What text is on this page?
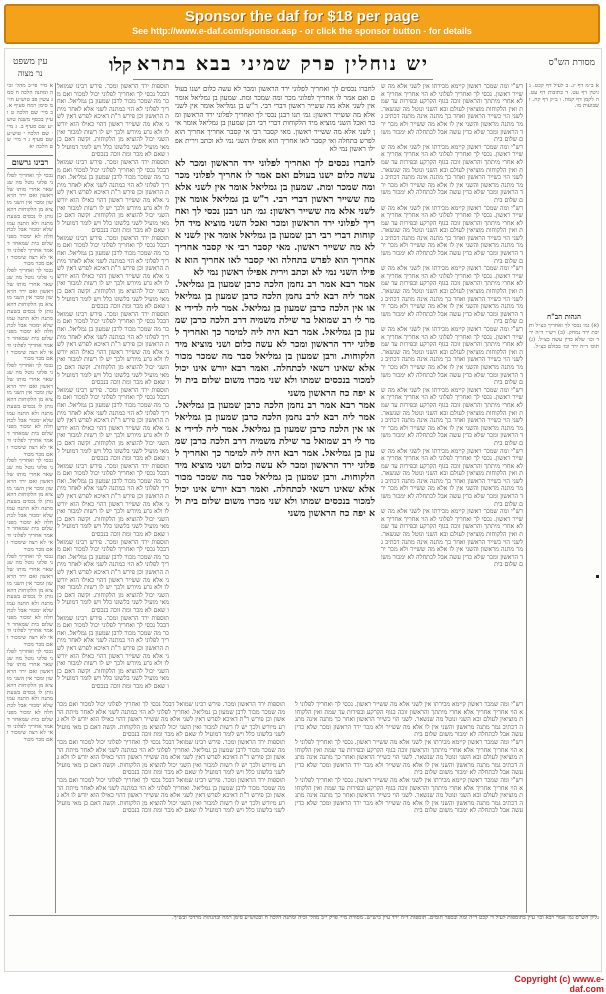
Sponsor the daf for $18 per page
See http://www.e-daf.com/sponsor.asp - or click the sponsor button - for details
יש נוחלין פרק שמיני בבא בתרא
קלו	מסורת הש"ס
עין משפט
נר מצוה
א ב״מ דף יג. ב לעיל דף קכט. ג גיטין דף עט. ד כתובות דף עט. ה לקמן דף קמח. ו ב״ק דף קח. ז שבועות מו.
הגהות הב"ח
(א) גמ׳ נכסי לך ואחריך כצ״ל ותיבת ירד נמחק. (ב) רש״י ד״ה ירד וכו׳ שלא כדין עשה כצ״ל. (ג) תוס׳ ד״ה ירד וכו׳ בכולם כצ״ל.
רש"י ומה שמכר ראשון קיימא מכירתו אין לשני אלא מה ששייר ראשון. נכסי לך ואחריך לפלוני לא הוי אחריך אחריך אלא אחרי מיתתך והראשון זוכה בגוף הקרקע ובפירות עד שמת ואין הלקוחות מוציאין לעולם ובא השני ונוטל מה שנשאר. לשני הוי כשייר הראשון ואחר כך מתנה אינה מתנה דכתיב גמר מתנה מראשון והשני אין לו אלא מה ששייר ולא מכר ירד הראשון ומכר שלא כדין עשה אבל לכתחלה לא ימכור משום שלום בית
רש"י ומה שמכר ראשון קיימא מכירתו אין לשני אלא מה ששייר ראשון. נכסי לך ואחריך לפלוני לא הוי אחריך אחריך אלא אחרי מיתתך והראשון זוכה בגוף הקרקע ובפירות עד שמת ואין הלקוחות מוציאין לעולם ובא השני ונוטל מה שנשאר. לשני הוי כשייר הראשון ואחר כך מתנה אינה מתנה דכתיב גמר מתנה מראשון והשני אין לו אלא מה ששייר ולא מכר ירד הראשון ומכר שלא כדין עשה אבל לכתחלה לא ימכור משום שלום בית
רש"י ומה שמכר ראשון קיימא מכירתו אין לשני אלא מה ששייר ראשון. נכסי לך ואחריך לפלוני לא הוי אחריך אחריך אלא אחרי מיתתך והראשון זוכה בגוף הקרקע ובפירות עד שמת ואין הלקוחות מוציאין לעולם ובא השני ונוטל מה שנשאר. לשני הוי כשייר הראשון ואחר כך מתנה אינה מתנה דכתיב גמר מתנה מראשון והשני אין לו אלא מה ששייר ולא מכר ירד הראשון ומכר שלא כדין עשה אבל לכתחלה לא ימכור משום שלום בית
רש"י ומה שמכר ראשון קיימא מכירתו אין לשני אלא מה ששייר ראשון. נכסי לך ואחריך לפלוני לא הוי אחריך אחריך אלא אחרי מיתתך והראשון זוכה בגוף הקרקע ובפירות עד שמת ואין הלקוחות מוציאין לעולם ובא השני ונוטל מה שנשאר. לשני הוי כשייר הראשון ואחר כך מתנה אינה מתנה דכתיב גמר מתנה מראשון והשני אין לו אלא מה ששייר ולא מכר ירד הראשון ומכר שלא כדין עשה אבל לכתחלה לא ימכור משום שלום בית
רש"י ומה שמכר ראשון קיימא מכירתו אין לשני אלא מה ששייר ראשון. נכסי לך ואחריך לפלוני לא הוי אחריך אחריך אלא אחרי מיתתך והראשון זוכה בגוף הקרקע ובפירות עד שמת ואין הלקוחות מוציאין לעולם ובא השני ונוטל מה שנשאר. לשני הוי כשייר הראשון ואחר כך מתנה אינה מתנה דכתיב גמר מתנה מראשון והשני אין לו אלא מה ששייר ולא מכר ירד הראשון ומכר שלא כדין עשה אבל לכתחלה לא ימכור משום שלום בית
רש"י ומה שמכר ראשון קיימא מכירתו אין לשני אלא מה ששייר ראשון. נכסי לך ואחריך לפלוני לא הוי אחריך אחריך אלא אחרי מיתתך והראשון זוכה בגוף הקרקע ובפירות עד שמת ואין הלקוחות מוציאין לעולם ובא השני ונוטל מה שנשאר. לשני הוי כשייר הראשון ואחר כך מתנה אינה מתנה דכתיב גמר מתנה מראשון והשני אין לו אלא מה ששייר ולא מכר ירד הראשון ומכר שלא כדין עשה אבל לכתחלה לא ימכור משום שלום בית
רש"י ומה שמכר ראשון קיימא מכירתו אין לשני אלא מה ששייר ראשון. נכסי לך ואחריך לפלוני לא הוי אחריך אחריך אלא אחרי מיתתך והראשון זוכה בגוף הקרקע ובפירות עד שמת ואין הלקוחות מוציאין לעולם ובא השני ונוטל מה שנשאר. לשני הוי כשייר הראשון ואחר כך מתנה אינה מתנה דכתיב גמר מתנה מראשון והשני אין לו אלא מה ששייר ולא מכר ירד הראשון ומכר שלא כדין עשה אבל לכתחלה לא ימכור משום שלום בית
רש"י ומה שמכר ראשון קיימא מכירתו אין לשני אלא מה ששייר ראשון. נכסי לך ואחריך לפלוני לא הוי אחריך אחריך אלא אחרי מיתתך והראשון זוכה בגוף הקרקע ובפירות עד שמת ואין הלקוחות מוציאין לעולם ובא השני ונוטל מה שנשאר. לשני הוי כשייר הראשון ואחר כך מתנה אינה מתנה דכתיב גמר מתנה מראשון והשני אין לו אלא מה ששייר ולא מכר ירד הראשון ומכר שלא כדין עשה אבל לכתחלה לא ימכור משום שלום בית
לחברו נכסים לך ואחריך לפלוני ירד הראשון ומכר לא עשה כלום ישנו בעולם ואם אמר לו אחריך לפלוני מכר ומה שמכר ומת. שמעון בן גמליאל אומר אין לשני אלא מה ששייר ראשון דברי רבי. ר"ש בן גמליאל אומר אין לשני אלא מה ששייר ראשון: גמ׳ תנו רבנן נכסי לך ואחריך לפלוני ירד הראשון ומכר ואכל השני מוציא מיד הלקוחות דברי רבי רבן שמעון בן גמליאל אומר אין לשני אלא מה ששייר ראשון. מאי קסבר רבי אי קסבר אחריך אחריך הוא לפרש בתחלה ואי קסבר לאו אחריך הוא אפילו השני נמי לא וכתב וירית אפילו ראשון נמי לא
לחברו נכסים לך ואחריך לפלוני ירד הראשון ומכר לא עשה כלום ישנו בעולם ואם אמר לו אחריך לפלוני מכר ומה שמכר ומת. שמעון בן גמליאל אומר אין לשני אלא מה ששייר ראשון דברי רבי. ר"ש בן גמליאל אומר אין לשני אלא מה ששייר ראשון: גמ׳ תנו רבנן נכסי לך ואחריך לפלוני ירד הראשון ומכר ואכל השני מוציא מיד הלקוחות דברי רבי רבן שמעון בן גמליאל אומר אין לשני אלא מה ששייר ראשון. מאי קסבר רבי אי קסבר אחריך אחריך הוא לפרש בתחלה ואי קסבר לאו אחריך הוא אפילו השני נמי לא וכתב וירית אפילו ראשון נמי לא
אמר רבא אמר רב נחמן הלכה כרבן שמעון בן גמליאל. אמר ליה רבא לרב נחמן הלכה כרבן שמעון בן גמליאל או אין הלכה כרבן שמעון בן גמליאל. אמר ליה לדידי אמר לי רב שמואל בר שילת משמיה דרב הלכה כרבן שמעון בן גמליאל. אמר רבא היה ליה למימר כך ואחריך לפלוני ירד הראשון ומכר לא עשה כלום ושני מוציא מיד הלקוחות. ורבן שמעון בן גמליאל סבר מה שמכר מכור אלא שאינו רשאי לכתחלה. ואמר רבא יורש אינו יכול למכור בנכסים שמתו ולא שני מכרו משום שלום בית ולא יפה כח הראשון משני
אמר רבא אמר רב נחמן הלכה כרבן שמעון בן גמליאל. אמר ליה רבא לרב נחמן הלכה כרבן שמעון בן גמליאל או אין הלכה כרבן שמעון בן גמליאל. אמר ליה לדידי אמר לי רב שמואל בר שילת משמיה דרב הלכה כרבן שמעון בן גמליאל. אמר רבא היה ליה למימר כך ואחריך לפלוני ירד הראשון ומכר לא עשה כלום ושני מוציא מיד הלקוחות. ורבן שמעון בן גמליאל סבר מה שמכר מכור אלא שאינו רשאי לכתחלה. ואמר רבא יורש אינו יכול למכור בנכסים שמתו ולא שני מכרו משום שלום בית ולא יפה כח הראשון משני
תוספות ירד הראשון ומכר. פירש רבינו שמואל דבכל נכסי לך ואחריך לפלוני יכול למכור ואם מכר מה שמכר מכור לרבן שמעון בן גמליאל. ואחריך לפלוני לא הוי כמתנה לשני אלא לאחר מיתת הראשון וכן פירש ר"ת דאיכא לפרש דאין לשני אלא מה ששייר ראשון דהוי כאילו הוא יורש לו ולא גרע מיורש ולכך יש לו רשות למכור ואין השני יכול להוציא מן הלקוחות. וקשה דאם כן מאי מועיל לשני בלשונו כלל ויש לומר דמועיל לו שאם לא מכר ומת זוכה בנכסים
תוספות ירד הראשון ומכר. פירש רבינו שמואל דבכל נכסי לך ואחריך לפלוני יכול למכור ואם מכר מה שמכר מכור לרבן שמעון בן גמליאל. ואחריך לפלוני לא הוי כמתנה לשני אלא לאחר מיתת הראשון וכן פירש ר"ת דאיכא לפרש דאין לשני אלא מה ששייר ראשון דהוי כאילו הוא יורש לו ולא גרע מיורש ולכך יש לו רשות למכור ואין השני יכול להוציא מן הלקוחות. וקשה דאם כן מאי מועיל לשני בלשונו כלל ויש לומר דמועיל לו שאם לא מכר ומת זוכה בנכסים
תוספות ירד הראשון ומכר. פירש רבינו שמואל דבכל נכסי לך ואחריך לפלוני יכול למכור ואם מכר מה שמכר מכור לרבן שמעון בן גמליאל. ואחריך לפלוני לא הוי כמתנה לשני אלא לאחר מיתת הראשון וכן פירש ר"ת דאיכא לפרש דאין לשני אלא מה ששייר ראשון דהוי כאילו הוא יורש לו ולא גרע מיורש ולכך יש לו רשות למכור ואין השני יכול להוציא מן הלקוחות. וקשה דאם כן מאי מועיל לשני בלשונו כלל ויש לומר דמועיל לו שאם לא מכר ומת זוכה בנכסים
תוספות ירד הראשון ומכר. פירש רבינו שמואל דבכל נכסי לך ואחריך לפלוני יכול למכור ואם מכר מה שמכר מכור לרבן שמעון בן גמליאל. ואחריך לפלוני לא הוי כמתנה לשני אלא לאחר מיתת הראשון וכן פירש ר"ת דאיכא לפרש דאין לשני אלא מה ששייר ראשון דהוי כאילו הוא יורש לו ולא גרע מיורש ולכך יש לו רשות למכור ואין השני יכול להוציא מן הלקוחות. וקשה דאם כן מאי מועיל לשני בלשונו כלל ויש לומר דמועיל לו שאם לא מכר ומת זוכה בנכסים
תוספות ירד הראשון ומכר. פירש רבינו שמואל דבכל נכסי לך ואחריך לפלוני יכול למכור ואם מכר מה שמכר מכור לרבן שמעון בן גמליאל. ואחריך לפלוני לא הוי כמתנה לשני אלא לאחר מיתת הראשון וכן פירש ר"ת דאיכא לפרש דאין לשני אלא מה ששייר ראשון דהוי כאילו הוא יורש לו ולא גרע מיורש ולכך יש לו רשות למכור ואין השני יכול להוציא מן הלקוחות. וקשה דאם כן מאי מועיל לשני בלשונו כלל ויש לומר דמועיל לו שאם לא מכר ומת זוכה בנכסים
תוספות ירד הראשון ומכר. פירש רבינו שמואל דבכל נכסי לך ואחריך לפלוני יכול למכור ואם מכר מה שמכר מכור לרבן שמעון בן גמליאל. ואחריך לפלוני לא הוי כמתנה לשני אלא לאחר מיתת הראשון וכן פירש ר"ת דאיכא לפרש דאין לשני אלא מה ששייר ראשון דהוי כאילו הוא יורש לו ולא גרע מיורש ולכך יש לו רשות למכור ואין השני יכול להוציא מן הלקוחות. וקשה דאם כן מאי מועיל לשני בלשונו כלל ויש לומר דמועיל לו שאם לא מכר ומת זוכה בנכסים
תוספות ירד הראשון ומכר. פירש רבינו שמואל דבכל נכסי לך ואחריך לפלוני יכול למכור ואם מכר מה שמכר מכור לרבן שמעון בן גמליאל. ואחריך לפלוני לא הוי כמתנה לשני אלא לאחר מיתת הראשון וכן פירש ר"ת דאיכא לפרש דאין לשני אלא מה ששייר ראשון דהוי כאילו הוא יורש לו ולא גרע מיורש ולכך יש לו רשות למכור ואין השני יכול להוציא מן הלקוחות. וקשה דאם כן מאי מועיל לשני בלשונו כלל ויש לומר דמועיל לו שאם לא מכר ומת זוכה בנכסים
תוספות ירד הראשון ומכר. פירש רבינו שמואל דבכל נכסי לך ואחריך לפלוני יכול למכור ואם מכר מה שמכר מכור לרבן שמעון בן גמליאל. ואחריך לפלוני לא הוי כמתנה לשני אלא לאחר מיתת הראשון וכן פירש ר"ת דאיכא לפרש דאין לשני אלא מה ששייר ראשון דהוי כאילו הוא יורש לו ולא גרע מיורש ולכך יש לו רשות למכור ואין השני יכול להוציא מן הלקוחות. וקשה דאם כן מאי מועיל לשני בלשונו כלל ויש לומר דמועיל לו שאם לא מכר ומת זוכה בנכסים
א מיי׳ פי״ב מהל׳ זכיה ומתנה הלכה ח סמג עשין פב טוש״ע חו״מ סימן רמח סעיף א. ב מיי׳ שם הלכה ט ועיין בכסף משנה טוש״ע שם סעיף ב. ג מיי׳ שם הלכה י טוש״ע שם סעיף ג ד מיי׳ שם הלכה יא
רבינו גרשום
נכסי לך ואחריך לפלוני פלוני נוטל מה שנשאר אחרי מותו של ראשון ואם ירד הראשון ומכר אין השני מוציא מן הלקוחות דהא נותן לו נכסים בשעת מתנה ולא התנה עמו שלא ימכור אבל לכתחלה לא ימכור מפני שלום בית שמאחר דאמר אחריך לפלוני ודאי לא רצה שימכור ואם מכר מכור
נכסי לך ואחריך לפלוני פלוני נוטל מה שנשאר אחרי מותו של ראשון ואם ירד הראשון ומכר אין השני מוציא מן הלקוחות דהא נותן לו נכסים בשעת מתנה ולא התנה עמו שלא ימכור אבל לכתחלה לא ימכור מפני שלום בית שמאחר דאמר אחריך לפלוני ודאי לא רצה שימכור ואם מכר מכור
נכסי לך ואחריך לפלוני פלוני נוטל מה שנשאר אחרי מותו של ראשון ואם ירד הראשון ומכר אין השני מוציא מן הלקוחות דהא נותן לו נכסים בשעת מתנה ולא התנה עמו שלא ימכור אבל לכתחלה לא ימכור מפני שלום בית שמאחר דאמר אחריך לפלוני ודאי לא רצה שימכור ואם מכר מכור
נכסי לך ואחריך לפלוני פלוני נוטל מה שנשאר אחרי מותו של ראשון ואם ירד הראשון ומכר אין השני מוציא מן הלקוחות דהא נותן לו נכסים בשעת מתנה ולא התנה עמו שלא ימכור אבל לכתחלה לא ימכור מפני שלום בית שמאחר דאמר אחריך לפלוני ודאי לא רצה שימכור ואם מכר מכור
נכסי לך ואחריך לפלוני פלוני נוטל מה שנשאר אחרי מותו של ראשון ואם ירד הראשון ומכר אין השני מוציא מן הלקוחות דהא נותן לו נכסים בשעת מתנה ולא התנה עמו שלא ימכור אבל לכתחלה לא ימכור מפני שלום בית שמאחר דאמר אחריך לפלוני ודאי לא רצה שימכור ואם מכר מכור
נכסי לך ואחריך לפלוני פלוני נוטל מה שנשאר אחרי מותו של ראשון ואם ירד הראשון ומכר אין השני מוציא מן הלקוחות דהא נותן לו נכסים בשעת מתנה ולא התנה עמו שלא ימכור אבל לכתחלה לא ימכור מפני שלום בית שמאחר דאמר אחריך לפלוני ודאי לא רצה שימכור ואם מכר מכור
רש"י ומה שמכר ראשון קיימא מכירתו אין לשני אלא מה ששייר ראשון. נכסי לך ואחריך לפלוני לא הוי אחריך אחריך אלא אחרי מיתתך והראשון זוכה בגוף הקרקע ובפירות עד שמת ואין הלקוחות מוציאין לעולם ובא השני ונוטל מה שנשאר. לשני הוי כשייר הראשון ואחר כך מתנה אינה מתנה דכתיב גמר מתנה מראשון והשני אין לו אלא מה ששייר ולא מכר ירד הראשון ומכר שלא כדין עשה אבל לכתחלה לא ימכור משום שלום בית
רש"י ומה שמכר ראשון קיימא מכירתו אין לשני אלא מה ששייר ראשון. נכסי לך ואחריך לפלוני לא הוי אחריך אחריך אלא אחרי מיתתך והראשון זוכה בגוף הקרקע ובפירות עד שמת ואין הלקוחות מוציאין לעולם ובא השני ונוטל מה שנשאר. לשני הוי כשייר הראשון ואחר כך מתנה אינה מתנה דכתיב גמר מתנה מראשון והשני אין לו אלא מה ששייר ולא מכר ירד הראשון ומכר שלא כדין עשה אבל לכתחלה לא ימכור משום שלום בית
רש"י ומה שמכר ראשון קיימא מכירתו אין לשני אלא מה ששייר ראשון. נכסי לך ואחריך לפלוני לא הוי אחריך אחריך אלא אחרי מיתתך והראשון זוכה בגוף הקרקע ובפירות עד שמת ואין הלקוחות מוציאין לעולם ובא השני ונוטל מה שנשאר. לשני הוי כשייר הראשון ואחר כך מתנה אינה מתנה דכתיב גמר מתנה מראשון והשני אין לו אלא מה ששייר ולא מכר ירד הראשון ומכר שלא כדין עשה אבל לכתחלה לא ימכור משום שלום בית
תוספות ירד הראשון ומכר. פירש רבינו שמואל דבכל נכסי לך ואחריך לפלוני יכול למכור ואם מכר מה שמכר מכור לרבן שמעון בן גמליאל. ואחריך לפלוני לא הוי כמתנה לשני אלא לאחר מיתת הראשון וכן פירש ר"ת דאיכא לפרש דאין לשני אלא מה ששייר ראשון דהוי כאילו הוא יורש לו ולא גרע מיורש ולכך יש לו רשות למכור ואין השני יכול להוציא מן הלקוחות. וקשה דאם כן מאי מועיל לשני בלשונו כלל ויש לומר דמועיל לו שאם לא מכר ומת זוכה בנכסים
תוספות ירד הראשון ומכר. פירש רבינו שמואל דבכל נכסי לך ואחריך לפלוני יכול למכור ואם מכר מה שמכר מכור לרבן שמעון בן גמליאל. ואחריך לפלוני לא הוי כמתנה לשני אלא לאחר מיתת הראשון וכן פירש ר"ת דאיכא לפרש דאין לשני אלא מה ששייר ראשון דהוי כאילו הוא יורש לו ולא גרע מיורש ולכך יש לו רשות למכור ואין השני יכול להוציא מן הלקוחות. וקשה דאם כן מאי מועיל לשני בלשונו כלל ויש לומר דמועיל לו שאם לא מכר ומת זוכה בנכסים
תוספות ירד הראשון ומכר. פירש רבינו שמואל דבכל נכסי לך ואחריך לפלוני יכול למכור ואם מכר מה שמכר מכור לרבן שמעון בן גמליאל. ואחריך לפלוני לא הוי כמתנה לשני אלא לאחר מיתת הראשון וכן פירש ר"ת דאיכא לפרש דאין לשני אלא מה ששייר ראשון דהוי כאילו הוא יורש לו ולא גרע מיורש ולכך יש לו רשות למכור ואין השני יכול להוציא מן הלקוחות. וקשה דאם כן מאי מועיל לשני בלשונו כלל ויש לומר דמועיל לו שאם לא מכר ומת זוכה בנכסים
גליון הש"ס גמ׳ אמר רבא וכו׳ עיין בתוספות לעיל ד׳ קכט ד״ה ומה ובספר תומים. תוספות ד״ה ירד עיין ביש״ש. מסורת מיי׳ פרק י״ב מהל׳ זכיה ומתנה הלכה ח ובטוש״ע סימן רמח ובהגהות מרדכי ובש״ך.
Copyright (c) www.e-daf.com
